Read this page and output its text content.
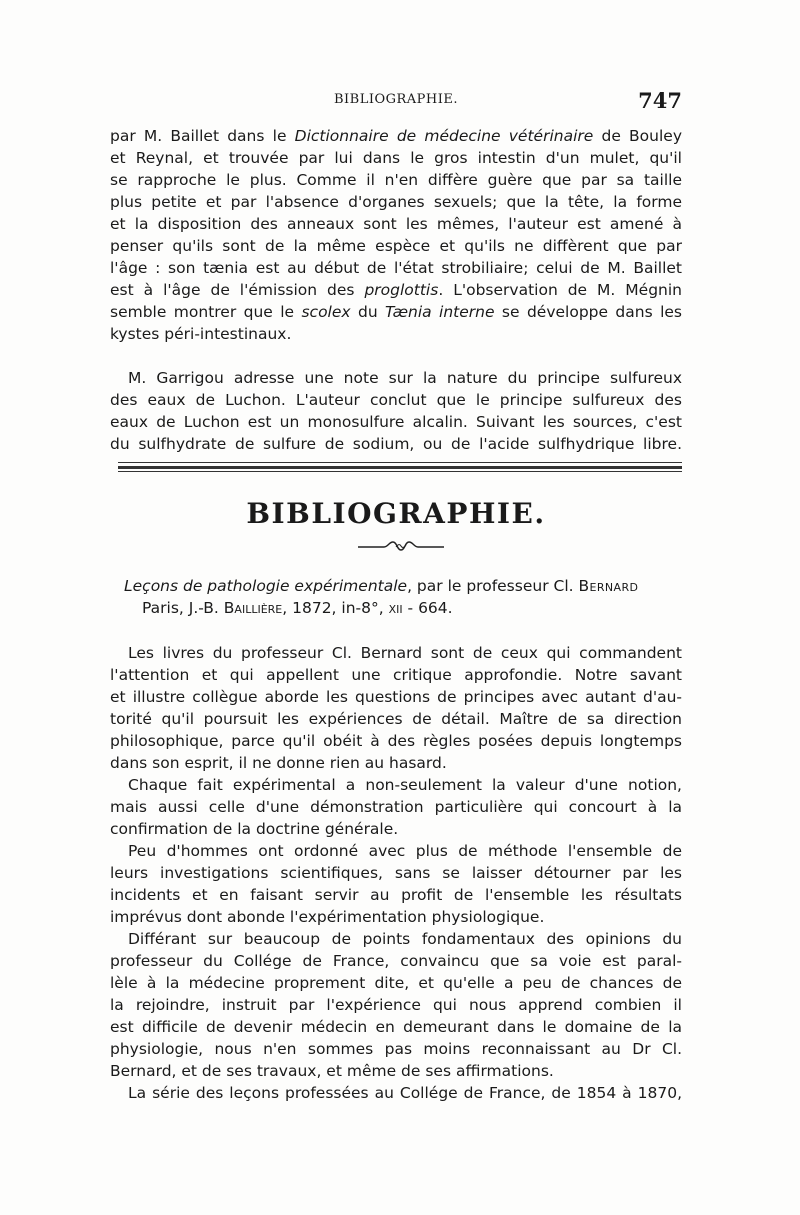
BIBLIOGRAPHIE.	747
par M. Baillet dans le Dictionnaire de médecine vétérinaire de Bouley
et Reynal, et trouvée par lui dans le gros intestin d'un mulet, qu'il
se rapproche le plus. Comme il n'en diffère guère que par sa taille
plus petite et par l'absence d'organes sexuels; que la tête, la forme
et la disposition des anneaux sont les mêmes, l'auteur est amené à
penser qu'ils sont de la même espèce et qu'ils ne diffèrent que par
l'âge : son tænia est au début de l'état strobiliaire; celui de M. Baillet
est à l'âge de l'émission des proglottis. L'observation de M. Mégnin
semble montrer que le scolex du Tænia interne se développe dans les
kystes péri-intestinaux.
M. Garrigou adresse une note sur la nature du principe sulfureux
des eaux de Luchon. L'auteur conclut que le principe sulfureux des
eaux de Luchon est un monosulfure alcalin. Suivant les sources, c'est
du sulfhydrate de sulfure de sodium, ou de l'acide sulfhydrique libre.
BIBLIOGRAPHIE.
Leçons de pathologie expérimentale, par le professeur Cl. Bernard
Paris, J.-B. Baillière, 1872, in-8°, xii - 664.
Les livres du professeur Cl. Bernard sont de ceux qui commandent
l'attention et qui appellent une critique approfondie. Notre savant
et illustre collègue aborde les questions de principes avec autant d'au-
torité qu'il poursuit les expériences de détail. Maître de sa direction
philosophique, parce qu'il obéit à des règles posées depuis longtemps
dans son esprit, il ne donne rien au hasard.
Chaque fait expérimental a non-seulement la valeur d'une notion,
mais aussi celle d'une démonstration particulière qui concourt à la
confirmation de la doctrine générale.
Peu d'hommes ont ordonné avec plus de méthode l'ensemble de
leurs investigations scientifiques, sans se laisser détourner par les
incidents et en faisant servir au profit de l'ensemble les résultats
imprévus dont abonde l'expérimentation physiologique.
Différant sur beaucoup de points fondamentaux des opinions du
professeur du Collége de France, convaincu que sa voie est paral-
lèle à la médecine proprement dite, et qu'elle a peu de chances de
la rejoindre, instruit par l'expérience qui nous apprend combien il
est difficile de devenir médecin en demeurant dans le domaine de la
physiologie, nous n'en sommes pas moins reconnaissant au Dr Cl.
Bernard, et de ses travaux, et même de ses affirmations.
La série des leçons professées au Collége de France, de 1854 à 1870,
